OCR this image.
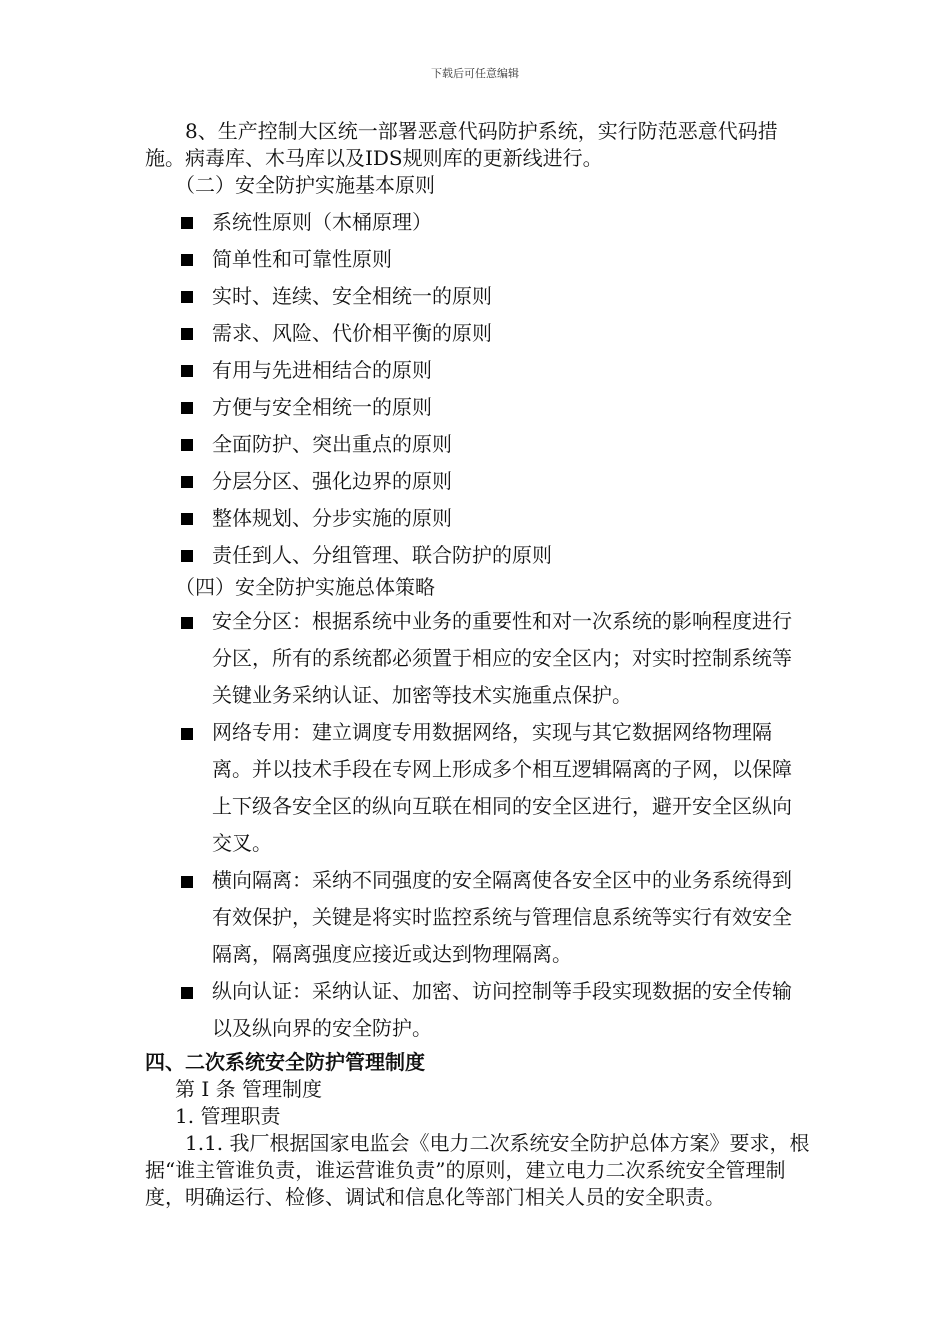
下载后可任意编辑

8、生产控制大区统一部署恶意代码防护系统，实行防范恶意代码措施。病毒库、木马库以及IDS规则库的更新线进行。

（二）安全防护实施基本原则

系统性原则（木桶原理）
简单性和可靠性原则
实时、连续、安全相统一的原则
需求、风险、代价相平衡的原则
有用与先进相结合的原则
方便与安全相统一的原则
全面防护、突出重点的原则
分层分区、强化边界的原则
整体规划、分步实施的原则
责任到人、分组管理、联合防护的原则

（四）安全防护实施总体策略

安全分区：根据系统中业务的重要性和对一次系统的影响程度进行分区，所有的系统都必须置于相应的安全区内；对实时控制系统等关键业务采纳认证、加密等技术实施重点保护。
网络专用：建立调度专用数据网络，实现与其它数据网络物理隔离。并以技术手段在专网上形成多个相互逻辑隔离的子网，以保障上下级各安全区的纵向互联在相同的安全区进行，避开安全区纵向交叉。
横向隔离：采纳不同强度的安全隔离使各安全区中的业务系统得到有效保护，关键是将实时监控系统与管理信息系统等实行有效安全隔离，隔离强度应接近或达到物理隔离。
纵向认证：采纳认证、加密、访问控制等手段实现数据的安全传输以及纵向界的安全防护。

四、二次系统安全防护管理制度

第 I 条 管理制度

1. 管理职责

1.1. 我厂根据国家电监会《电力二次系统安全防护总体方案》要求，根据“谁主管谁负责，谁运营谁负责”的原则，建立电力二次系统安全管理制度，明确运行、检修、调试和信息化等部门相关人员的安全职责。
